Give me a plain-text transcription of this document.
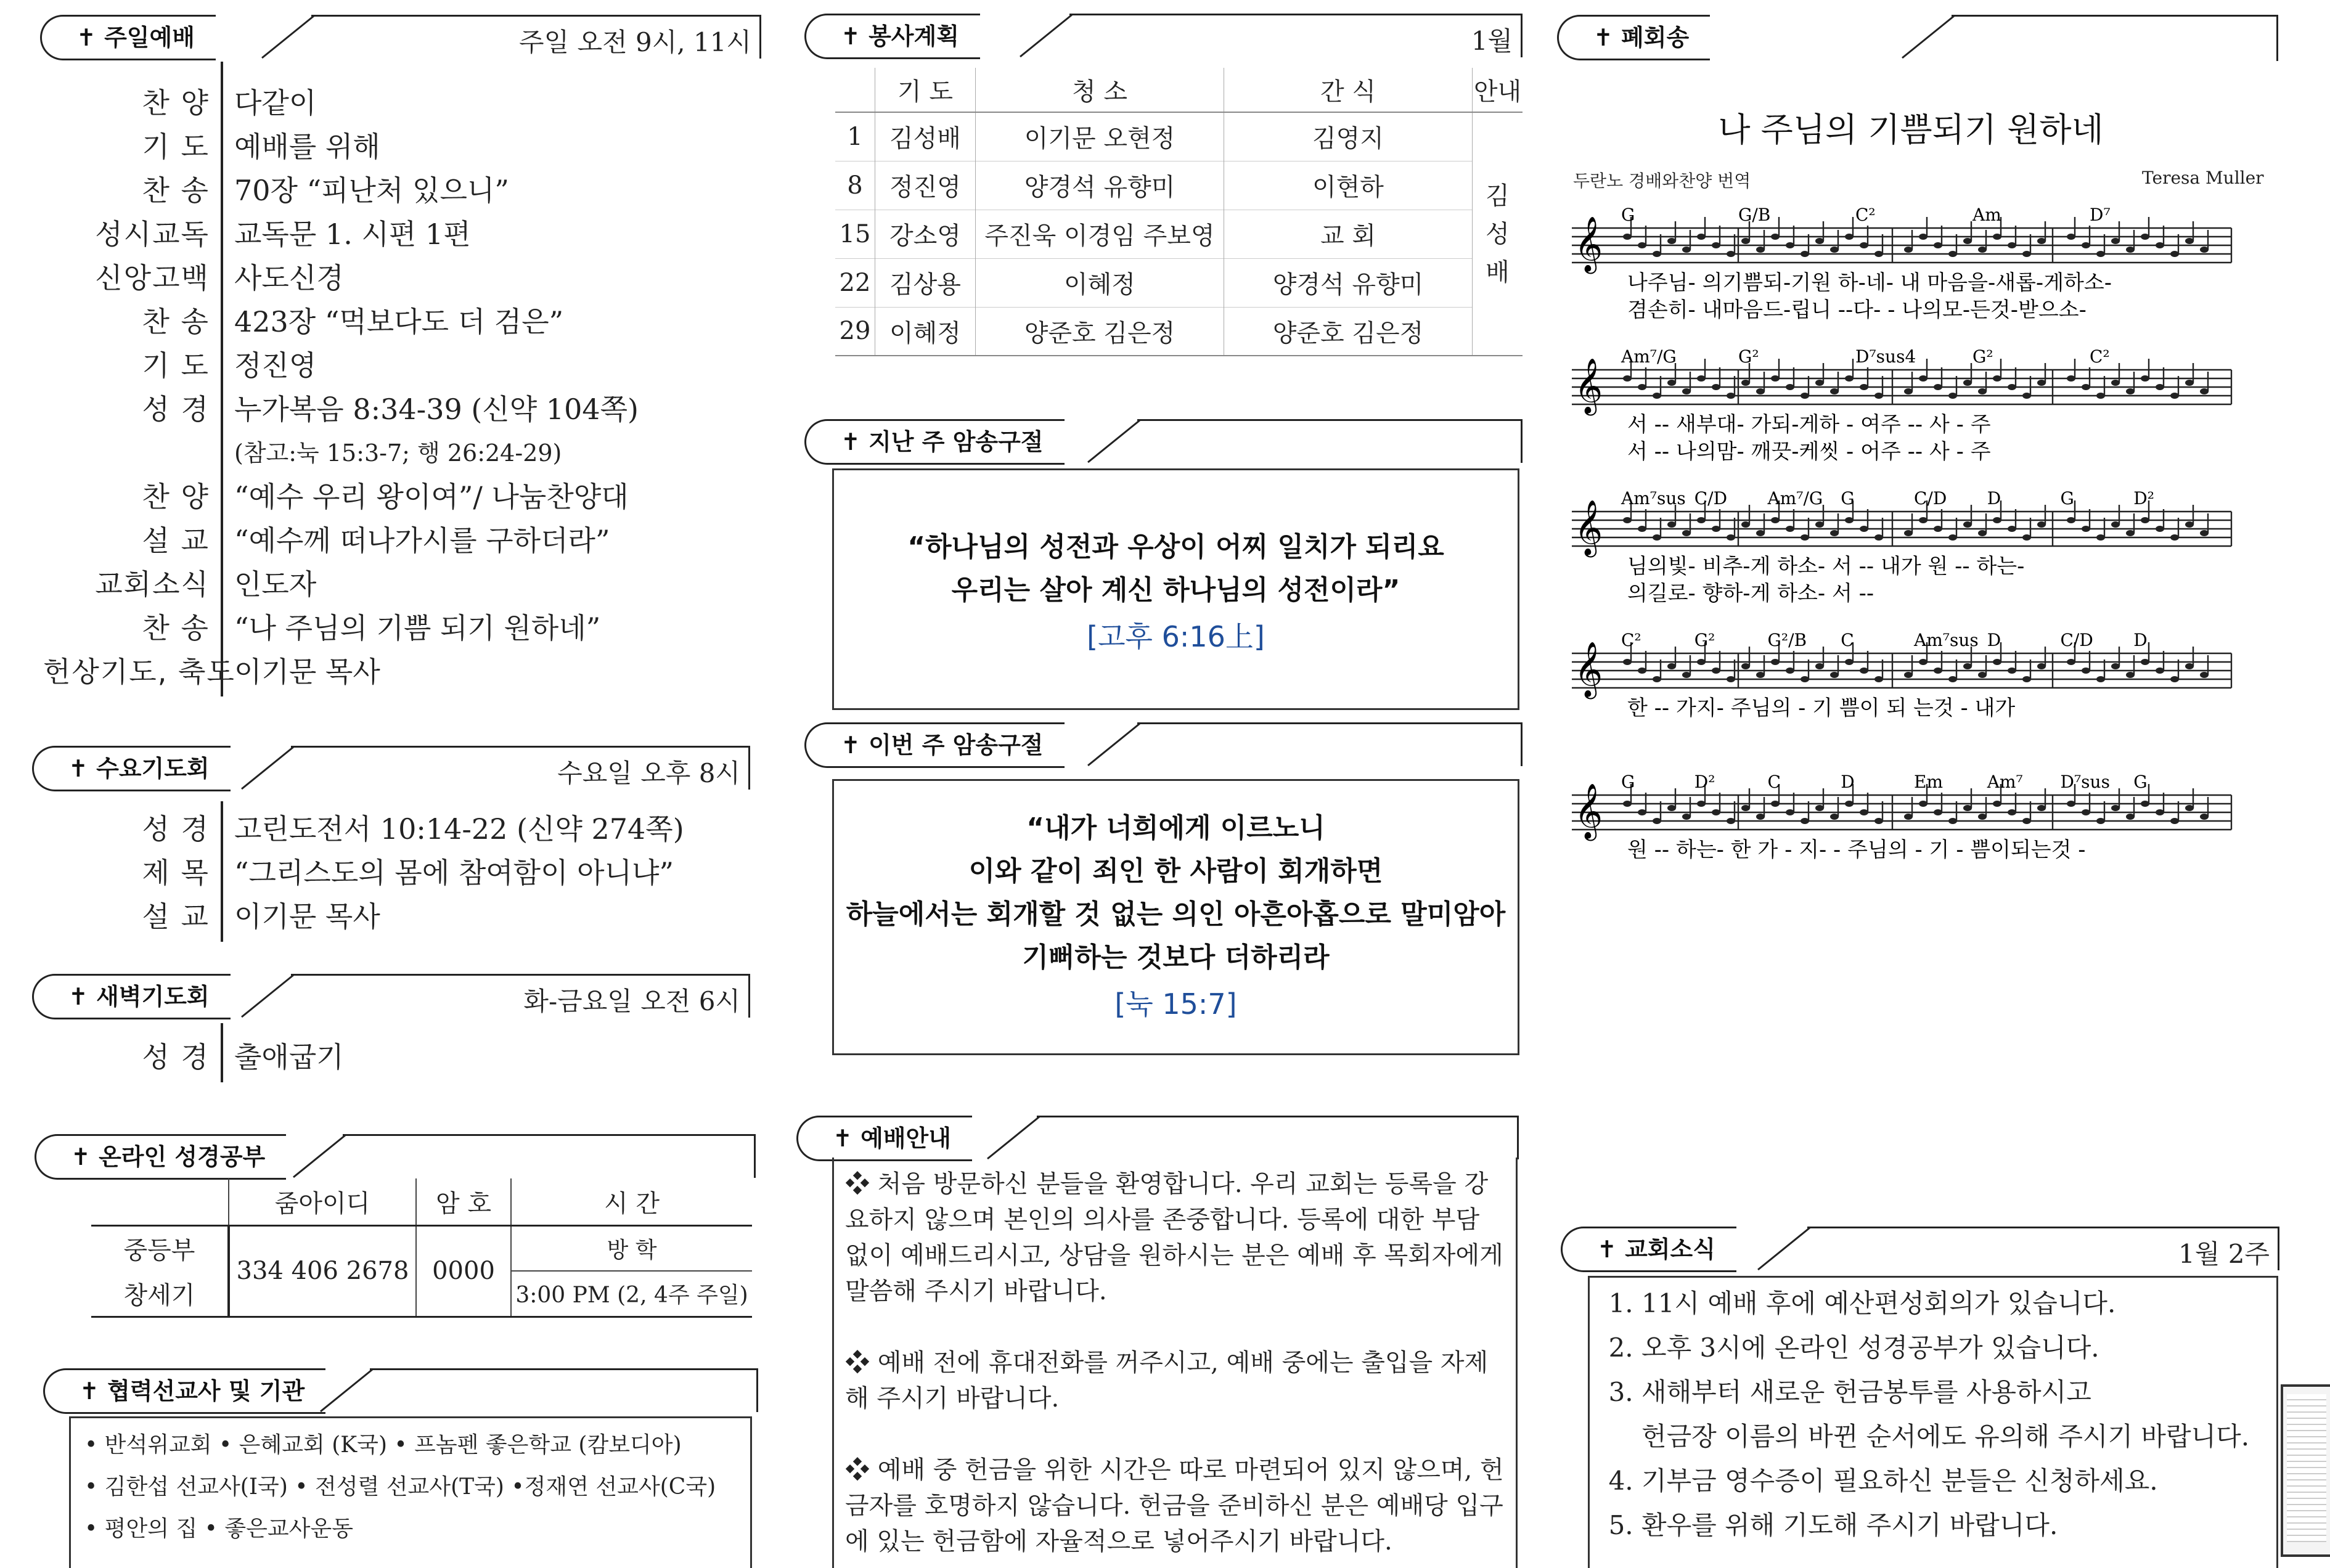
✝ 주일예배	주일 오전 9시, 11시
찬 양 다같이
기 도 예배를 위해
찬 송 70장 “피난처 있으니”
성시교독 교독문 1. 시편 1편
신앙고백 사도신경
찬 송 423장 “먹보다도 더 검은”
기 도 정진영
성 경 누가복음 8:34-39 (신약 104쪽)
(참고:눅 15:3-7; 행 26:24-29)
찬 양 “예수 우리 왕이여”/ 나눔찬양대
설 교 “예수께 떠나가시를 구하더라”
교회소식 인도자
찬 송 “나 주님의 기쁨 되기 원하네”
헌상기도, 축도
이기문 목사
✝ 수요기도회	수요일 오후 8시
성 경 고린도전서 10:14-22 (신약 274쪽)
제 목 “그리스도의 몸에 참여함이 아니냐”
설 교 이기문 목사
✝ 새벽기도회	화-금요일 오전 6시
성 경 출애굽기
✝ 온라인 성경공부
	줌아이디	암 호	시 간
중등부	334 406 2678	0000	방 학
창세기			3:00 PM (2, 4주 주일)
✝ 협력선교사 및 기관
• 반석위교회 • 은혜교회 (K국) • 프놈펜 좋은학교 (캄보디아)
• 김한섭 선교사(I국) • 전성렬 선교사(T국) •정재연 선교사(C국)
• 평안의 집 • 좋은교사운동
✝ 봉사계획	1월
	기 도	청 소	간 식	안내
1	김성배	이기문 오현정	김영지	김
성
배

8	정진영	양경석 유향미	이현하	
15	강소영	주진욱 이경임 주보영	교 회	
22	김상용	이혜정	양경석 유향미	
29	이혜정	양준호 김은정	양준호 김은정	
✝ 지난 주 암송구절
“하나님의 성전과 우상이 어찌 일치가 되리요
우리는 살아 계신 하나님의 성전이라”
[고후 6:16上]
✝ 이번 주 암송구절
“내가 너희에게 이르노니
이와 같이 죄인 한 사람이 회개하면
하늘에서는 회개할 것 없는 의인 아흔아홉으로 말미암아
기뻐하는 것보다 더하리라
[눅 15:7]
✝ 예배안내

❖ 처음 방문하신 분들을 환영합니다. 우리 교회는 등록을 강요하지 않으며 본인의 의사를 존중합니다. 등록에 대한 부담 없이 예배드리시고, 상담을 원하시는 분은 예배 후 목회자에게 말씀해 주시기 바랍니다.

❖ 예배 전에 휴대전화를 꺼주시고, 예배 중에는 출입을 자제해 주시기 바랍니다.

❖ 예배 중 헌금을 위한 시간은 따로 마련되어 있지 않으며, 헌금자를 호명하지 않습니다. 헌금을 준비하신 분은 예배당 입구에 있는 헌금함에 자율적으로 넣어주시기 바랍니다.

✝ 폐회송
나 주님의 기쁨되기 원하네
두란노 경배와찬양 번역	Teresa Muller
𝄞
G	G/B	C²	Am	D⁷
나주님- 의기쁨되-기원 하-네- 내 마음을-새롭-게하소-
겸손히- 내마음드-립니 --다- - 나의모-든것-받으소-
𝄞
Am⁷/G	G²	D⁷sus4	G²	C²
서 -- 새부대- 가되-게하 - 여주 -- 사 - 주
서 -- 나의맘- 깨끗-케씻 - 어주 -- 사 - 주
𝄞
Am⁷sus C/D Am⁷/G G	C/D D	G	D²
님의빛- 비추-게 하소- 서 -- 내가 원 -- 하는-
의길로- 향하-게 하소- 서 --
𝄞
C²	G²	G²/B C	Am⁷sus D	C/D D
한 -- 가지- 주님의 - 기 쁨이 되 는것 - 내가
𝄞
G	D²	C	D	Em	Am⁷ D⁷sus G
원 -- 하는- 한 가 - 지- - 주님의 - 기 - 쁨이되는것 -
✝ 교회소식	1월 2주
1. 11시 예배 후에 예산편성회의가 있습니다.
2. 오후 3시에 온라인 성경공부가 있습니다.
3. 새해부터 새로운 헌금봉투를 사용하시고
헌금장 이름의 바뀐 순서에도 유의해 주시기 바랍니다.
4. 기부금 영수증이 필요하신 분들은 신청하세요.
5. 환우를 위해 기도해 주시기 바랍니다.
